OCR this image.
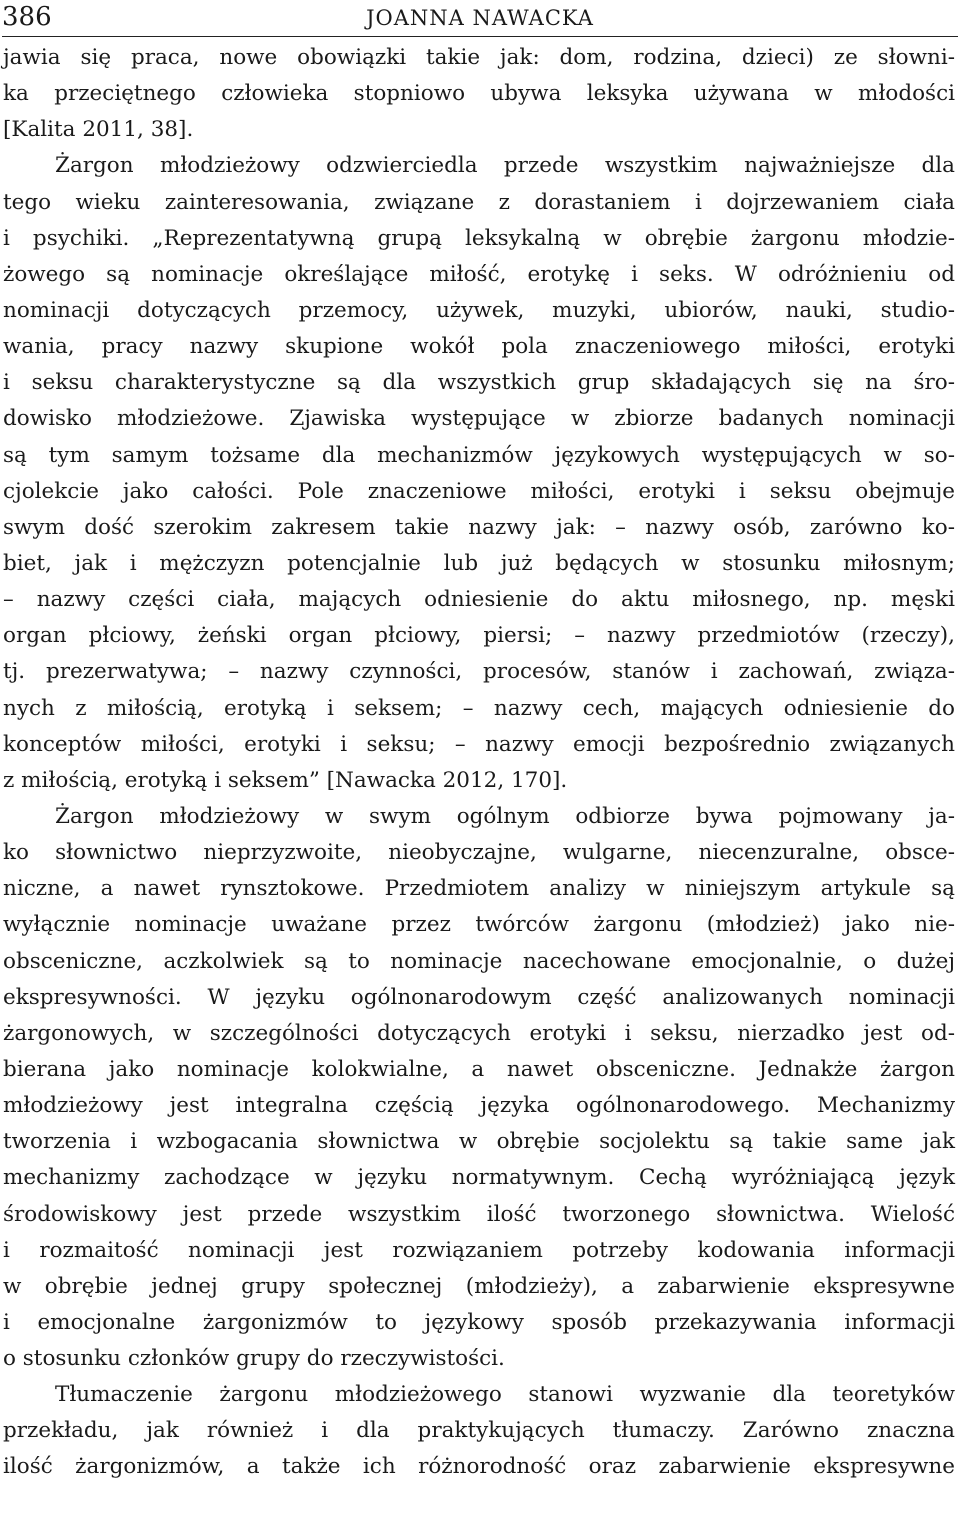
386	JOANNA NAWACKA
jawia się praca, nowe obowiązki takie jak: dom, rodzina, dzieci) ze słowni-
ka przeciętnego człowieka stopniowo ubywa leksyka używana w młodości
[Kalita 2011, 38].
Żargon młodzieżowy odzwierciedla przede wszystkim najważniejsze dla
tego wieku zainteresowania, związane z dorastaniem i dojrzewaniem ciała
i psychiki. „Reprezentatywną grupą leksykalną w obrębie żargonu młodzie-
żowego są nominacje określające miłość, erotykę i seks. W odróżnieniu od
nominacji dotyczących przemocy, używek, muzyki, ubiorów, nauki, studio-
wania, pracy nazwy skupione wokół pola znaczeniowego miłości, erotyki
i seksu charakterystyczne są dla wszystkich grup składających się na śro-
dowisko młodzieżowe. Zjawiska występujące w zbiorze badanych nominacji
są tym samym tożsame dla mechanizmów językowych występujących w so-
cjolekcie jako całości. Pole znaczeniowe miłości, erotyki i seksu obejmuje
swym dość szerokim zakresem takie nazwy jak: – nazwy osób, zarówno ko-
biet, jak i mężczyzn potencjalnie lub już będących w stosunku miłosnym;
– nazwy części ciała, mających odniesienie do aktu miłosnego, np. męski
organ płciowy, żeński organ płciowy, piersi; – nazwy przedmiotów (rzeczy),
tj. prezerwatywa; – nazwy czynności, procesów, stanów i zachowań, związa-
nych z miłością, erotyką i seksem; – nazwy cech, mających odniesienie do
konceptów miłości, erotyki i seksu; – nazwy emocji bezpośrednio związanych
z miłością, erotyką i seksem” [Nawacka 2012, 170].
Żargon młodzieżowy w swym ogólnym odbiorze bywa pojmowany ja-
ko słownictwo nieprzyzwoite, nieobyczajne, wulgarne, niecenzuralne, obsce-
niczne, a nawet rynsztokowe. Przedmiotem analizy w niniejszym artykule są
wyłącznie nominacje uważane przez twórców żargonu (młodzież) jako nie-
obsceniczne, aczkolwiek są to nominacje nacechowane emocjonalnie, o dużej
ekspresywności. W języku ogólnonarodowym część analizowanych nominacji
żargonowych, w szczególności dotyczących erotyki i seksu, nierzadko jest od-
bierana jako nominacje kolokwialne, a nawet obsceniczne. Jednakże żargon
młodzieżowy jest integralna częścią języka ogólnonarodowego. Mechanizmy
tworzenia i wzbogacania słownictwa w obrębie socjolektu są takie same jak
mechanizmy zachodzące w języku normatywnym. Cechą wyróżniającą język
środowiskowy jest przede wszystkim ilość tworzonego słownictwa. Wielość
i rozmaitość nominacji jest rozwiązaniem potrzeby kodowania informacji
w obrębie jednej grupy społecznej (młodzieży), a zabarwienie ekspresywne
i emocjonalne żargonizmów to językowy sposób przekazywania informacji
o stosunku członków grupy do rzeczywistości.
Tłumaczenie żargonu młodzieżowego stanowi wyzwanie dla teoretyków
przekładu, jak również i dla praktykujących tłumaczy. Zarówno znaczna
ilość żargonizmów, a także ich różnorodność oraz zabarwienie ekspresywne
